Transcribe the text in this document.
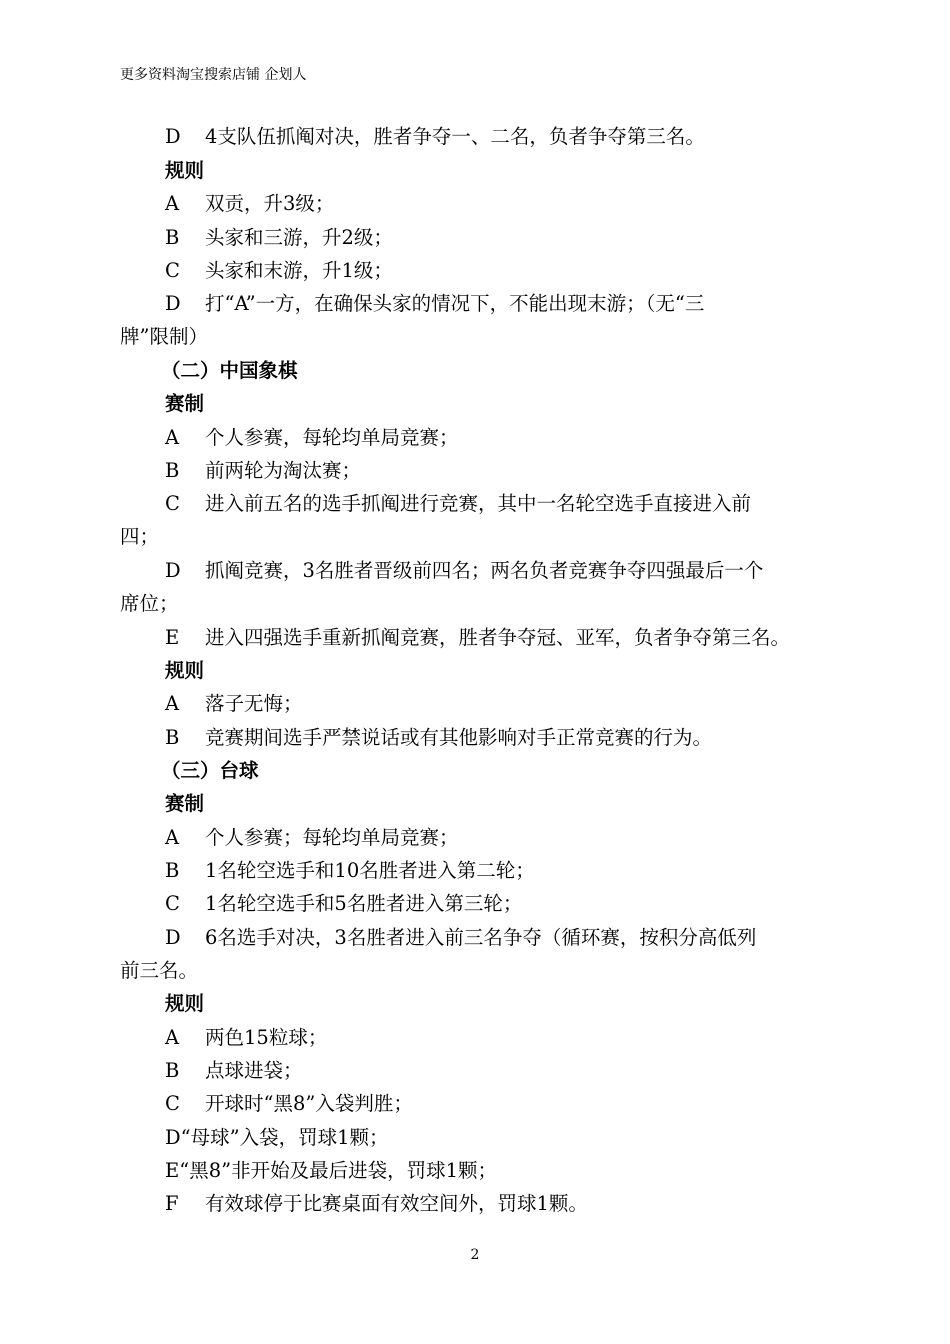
更多资料淘宝搜索店铺 企划人
D 4支队伍抓阄对决，胜者争夺一、二名，负者争夺第三名。
规则
A 双贡，升3级；
B 头家和三游，升2级；
C 头家和末游，升1级；
D 打“A”一方，在确保头家的情况下，不能出现末游；（无“三
牌”限制）
（二）中国象棋
赛制
A 个人参赛，每轮均单局竞赛；
B 前两轮为淘汰赛；
C 进入前五名的选手抓阄进行竞赛，其中一名轮空选手直接进入前
四；
D 抓阄竞赛，3名胜者晋级前四名；两名负者竞赛争夺四强最后一个
席位；
E 进入四强选手重新抓阄竞赛，胜者争夺冠、亚军，负者争夺第三名。
规则
A 落子无悔；
B 竞赛期间选手严禁说话或有其他影响对手正常竞赛的行为。
（三）台球
赛制
A 个人参赛；每轮均单局竞赛；
B 1名轮空选手和10名胜者进入第二轮；
C 1名轮空选手和5名胜者进入第三轮；
D 6名选手对决，3名胜者进入前三名争夺（循环赛，按积分高低列
前三名。
规则
A 两色15粒球；
B 点球进袋；
C 开球时“黑8”入袋判胜；
D“母球”入袋，罚球1颗；
E“黑8”非开始及最后进袋，罚球1颗；
F 有效球停于比赛桌面有效空间外，罚球1颗。
2
